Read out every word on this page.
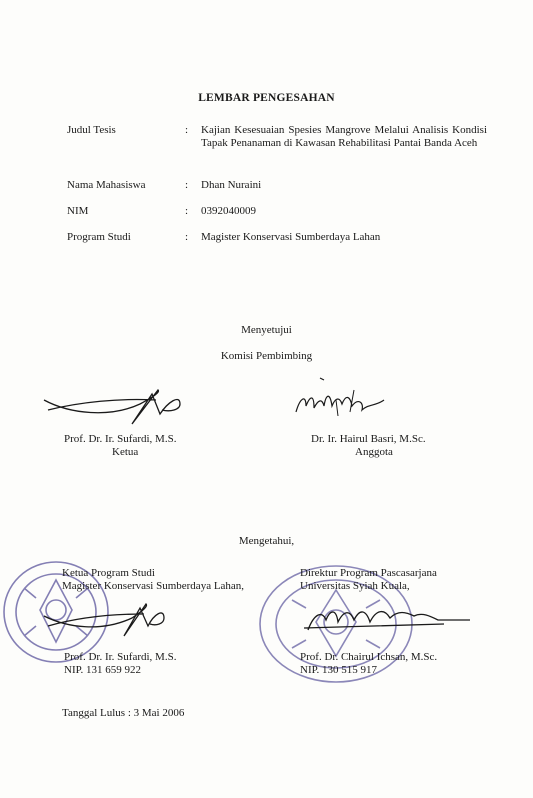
LEMBAR PENGESAHAN
Judul Tesis	: Kajian Kesesuaian Spesies Mangrove Melalui Analisis Kondisi Tapak Penanaman di Kawasan Rehabilitasi Pantai Banda Aceh
Nama Mahasiswa	: Dhan Nuraini
NIM	: 0392040009
Program Studi	: Magister Konservasi Sumberdaya Lahan
Menyetujui
Komisi Pembimbing
Prof. Dr. Ir. Sufardi, M.S.
Ketua
Dr. Ir. Hairul Basri, M.Sc.
Anggota
Mengetahui,
Ketua Program Studi
Magister Konservasi Sumberdaya Lahan,
Prof. Dr. Ir. Sufardi, M.S.
NIP. 131 659 922
Direktur Program Pascasarjana
Universitas Syiah Kuala,
Prof. Dr. Chairul Ichsan, M.Sc.
NIP. 130 515 917
Tanggal Lulus : 3 Mai 2006
